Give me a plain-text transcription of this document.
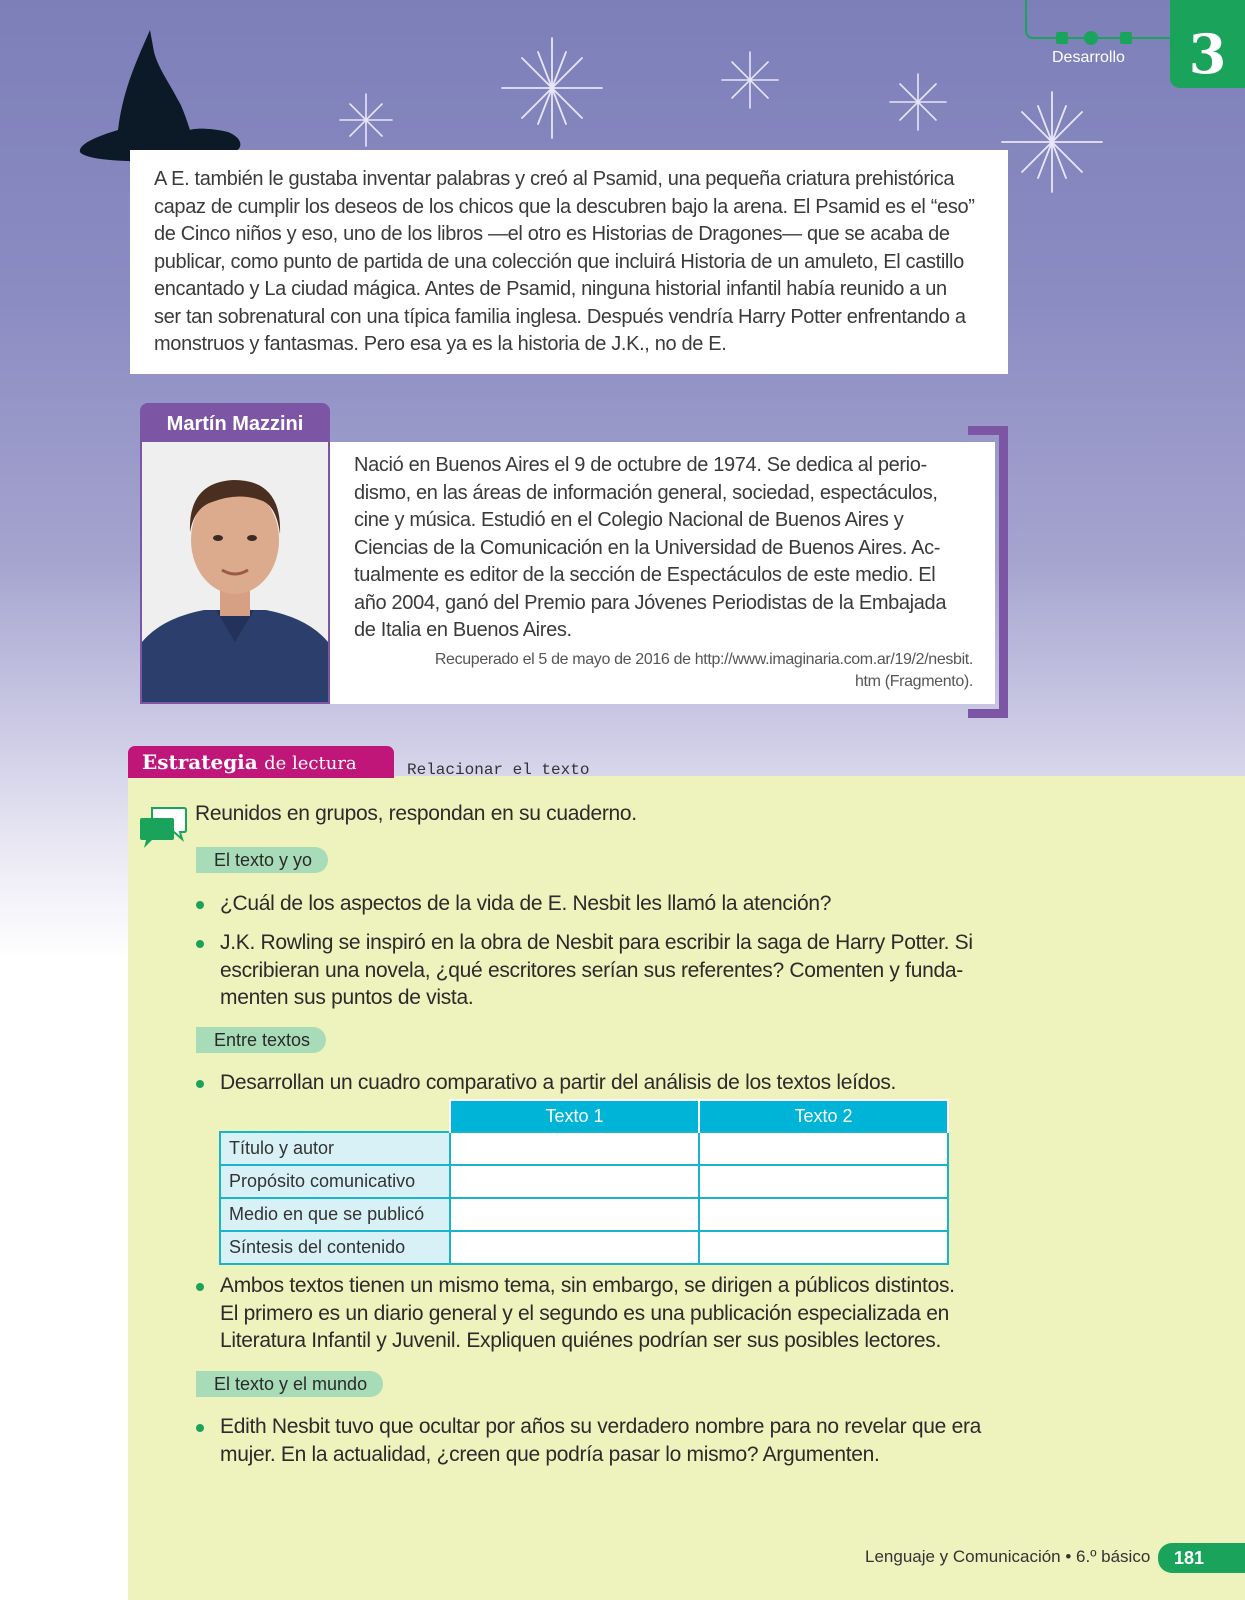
Desarrollo	3
A E. también le gustaba inventar palabras y creó al Psamid, una pequeña criatura prehistórica
capaz de cumplir los deseos de los chicos que la descubren bajo la arena. El Psamid es el “eso”
de Cinco niños y eso, uno de los libros —el otro es Historias de Dragones— que se acaba de
publicar, como punto de partida de una colección que incluirá Historia de un amuleto, El castillo
encantado y La ciudad mágica. Antes de Psamid, ninguna historial infantil había reunido a un
ser tan sobrenatural con una típica familia inglesa. Después vendría Harry Potter enfrentando a
monstruos y fantasmas. Pero esa ya es la historia de J.K., no de E.
Martín Mazzini
Nació en Buenos Aires el 9 de octubre de 1974. Se dedica al perio-
dismo, en las áreas de información general, sociedad, espectáculos,
cine y música. Estudió en el Colegio Nacional de Buenos Aires y
Ciencias de la Comunicación en la Universidad de Buenos Aires. Ac-
tualmente es editor de la sección de Espectáculos de este medio. El
año 2004, ganó del Premio para Jóvenes Periodistas de la Embajada
de Italia en Buenos Aires.
Recuperado el 5 de mayo de 2016 de http://www.imaginaria.com.ar/19/2/nesbit.
htm (Fragmento).
Estrategia de lectura	Relacionar el texto
Reunidos en grupos, respondan en su cuaderno.
El texto y yo
¿Cuál de los aspectos de la vida de E. Nesbit les llamó la atención?
J.K. Rowling se inspiró en la obra de Nesbit para escribir la saga de Harry Potter. Si
escribieran una novela, ¿qué escritores serían sus referentes? Comenten y funda-
menten sus puntos de vista.
Entre textos
Desarrollan un cuadro comparativo a partir del análisis de los textos leídos.
	Texto 1	Texto 2
Título y autor		
Propósito comunicativo		
Medio en que se publicó		
Síntesis del contenido		
Ambos textos tienen un mismo tema, sin embargo, se dirigen a públicos distintos.
El primero es un diario general y el segundo es una publicación especializada en
Literatura Infantil y Juvenil. Expliquen quiénes podrían ser sus posibles lectores.
El texto y el mundo
Edith Nesbit tuvo que ocultar por años su verdadero nombre para no revelar que era
mujer. En la actualidad, ¿creen que podría pasar lo mismo? Argumenten.
Lenguaje y Comunicación • 6.º básico	181
